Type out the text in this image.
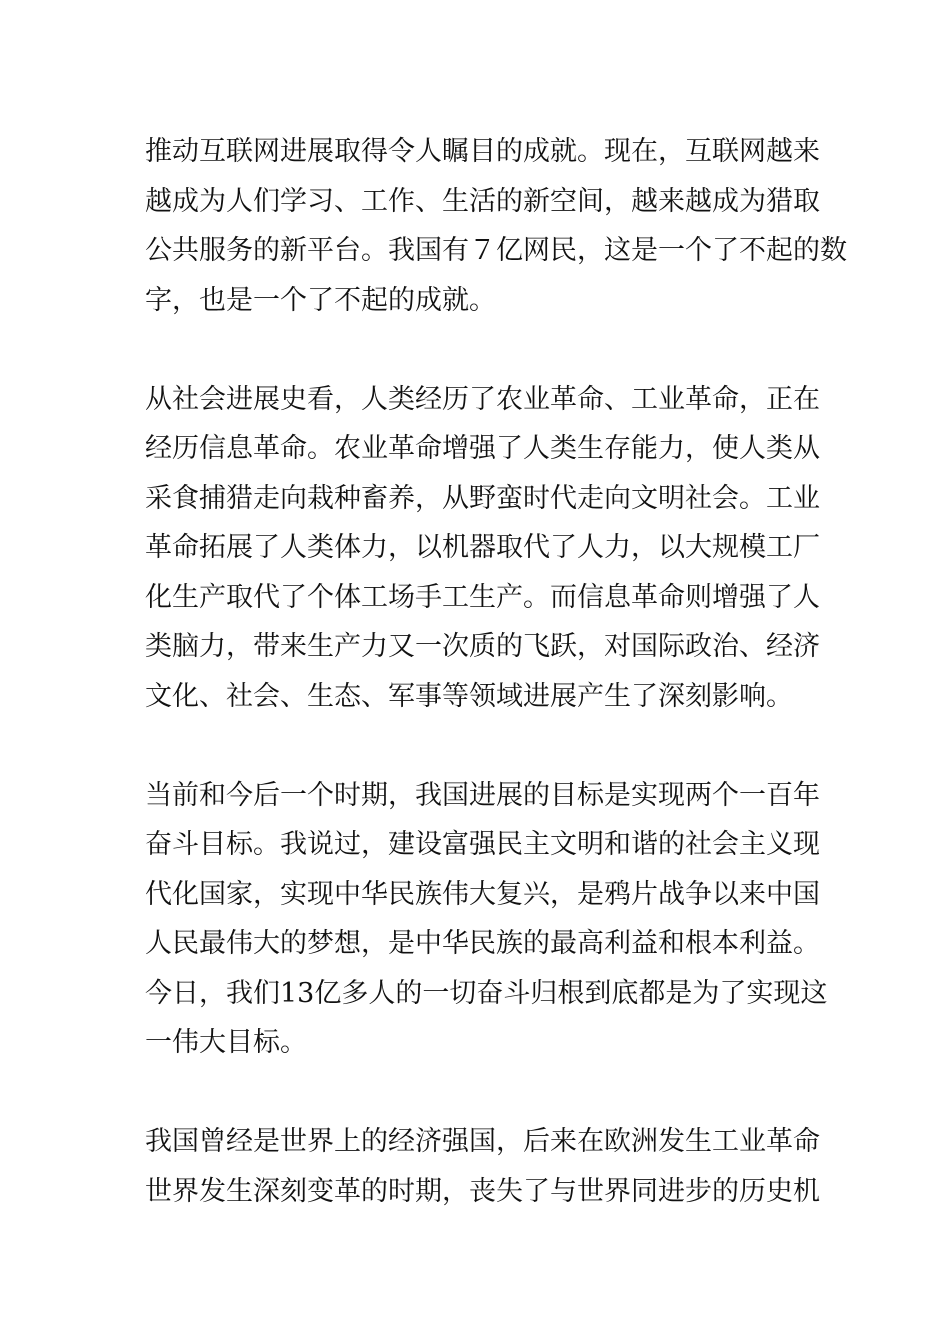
推动互联网进展取得令人瞩目的成就。现在，互联网越来
越成为人们学习、工作、生活的新空间，越来越成为猎取
公共服务的新平台。我国有７亿网民，这是一个了不起的数
字，也是一个了不起的成就。

从社会进展史看，人类经历了农业革命、工业革命，正在
经历信息革命。农业革命增强了人类生存能力，使人类从
采食捕猎走向栽种畜养，从野蛮时代走向文明社会。工业
革命拓展了人类体力，以机器取代了人力，以大规模工厂
化生产取代了个体工场手工生产。而信息革命则增强了人
类脑力，带来生产力又一次质的飞跃，对国际政治、经济
文化、社会、生态、军事等领域进展产生了深刻影响。

当前和今后一个时期，我国进展的目标是实现两个一百年
奋斗目标。我说过，建设富强民主文明和谐的社会主义现
代化国家，实现中华民族伟大复兴，是鸦片战争以来中国
人民最伟大的梦想，是中华民族的最高利益和根本利益。
今日，我们13亿多人的一切奋斗归根到底都是为了实现这
一伟大目标。

我国曾经是世界上的经济强国，后来在欧洲发生工业革命
世界发生深刻变革的时期，丧失了与世界同进步的历史机
